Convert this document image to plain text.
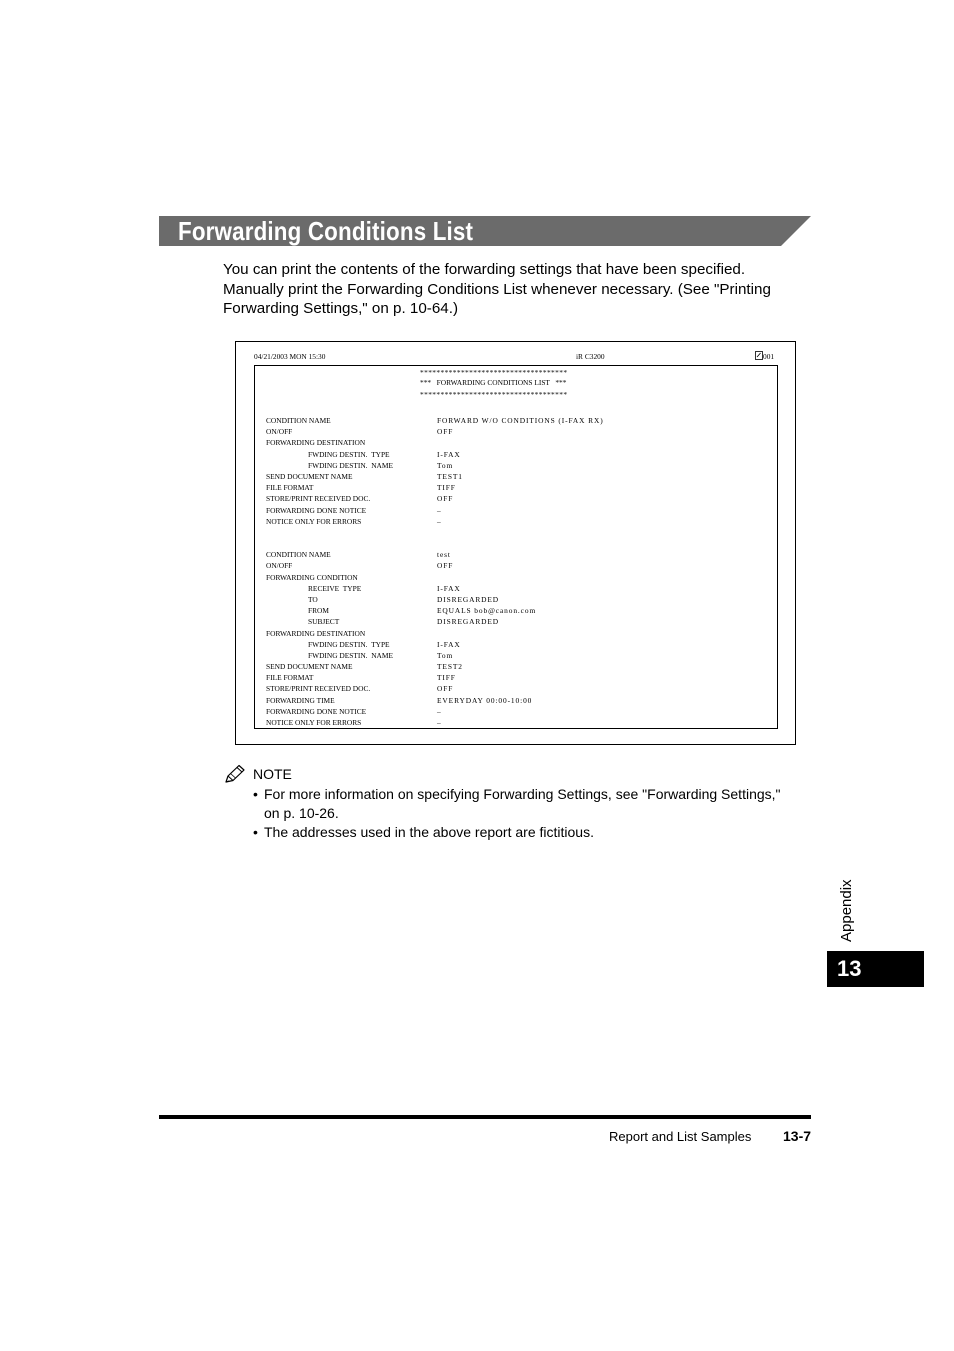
Forwarding Conditions List
You can print the contents of the forwarding settings that have been specified. Manually print the Forwarding Conditions List whenever necessary. (See "Printing Forwarding Settings," on p. 10-64.)
04/21/2003 MON 15:30	iR C3200	001
************************************
***   FORWARDING CONDITIONS LIST   ***
************************************
CONDITION NAME	FORWARD W/O CONDITIONS (I-FAX RX)
ON/OFF	OFF
FORWARDING DESTINATION
FWDING DESTIN.  TYPE	I-FAX
FWDING DESTIN.  NAME	Tom
SEND DOCUMENT NAME	TEST1
FILE FORMAT	TIFF
STORE/PRINT RECEIVED DOC.	OFF
FORWARDING DONE NOTICE	–
NOTICE ONLY FOR ERRORS	–
CONDITION NAME	test
ON/OFF	OFF
FORWARDING CONDITION
RECEIVE  TYPE	I-FAX
TO	DISREGARDED
FROM	EQUALS bob@canon.com
SUBJECT	DISREGARDED
FORWARDING DESTINATION
FWDING DESTIN.  TYPE	I-FAX
FWDING DESTIN.  NAME	Tom
SEND DOCUMENT NAME	TEST2
FILE FORMAT	TIFF
STORE/PRINT RECEIVED DOC.	OFF
FORWARDING TIME	EVERYDAY 00:00-10:00
FORWARDING DONE NOTICE	–
NOTICE ONLY FOR ERRORS	–
NOTE
• For more information on specifying Forwarding Settings, see "Forwarding Settings," on p. 10-26.
• The addresses used in the above report are fictitious.
Appendix
13
Report and List Samples 13-7
